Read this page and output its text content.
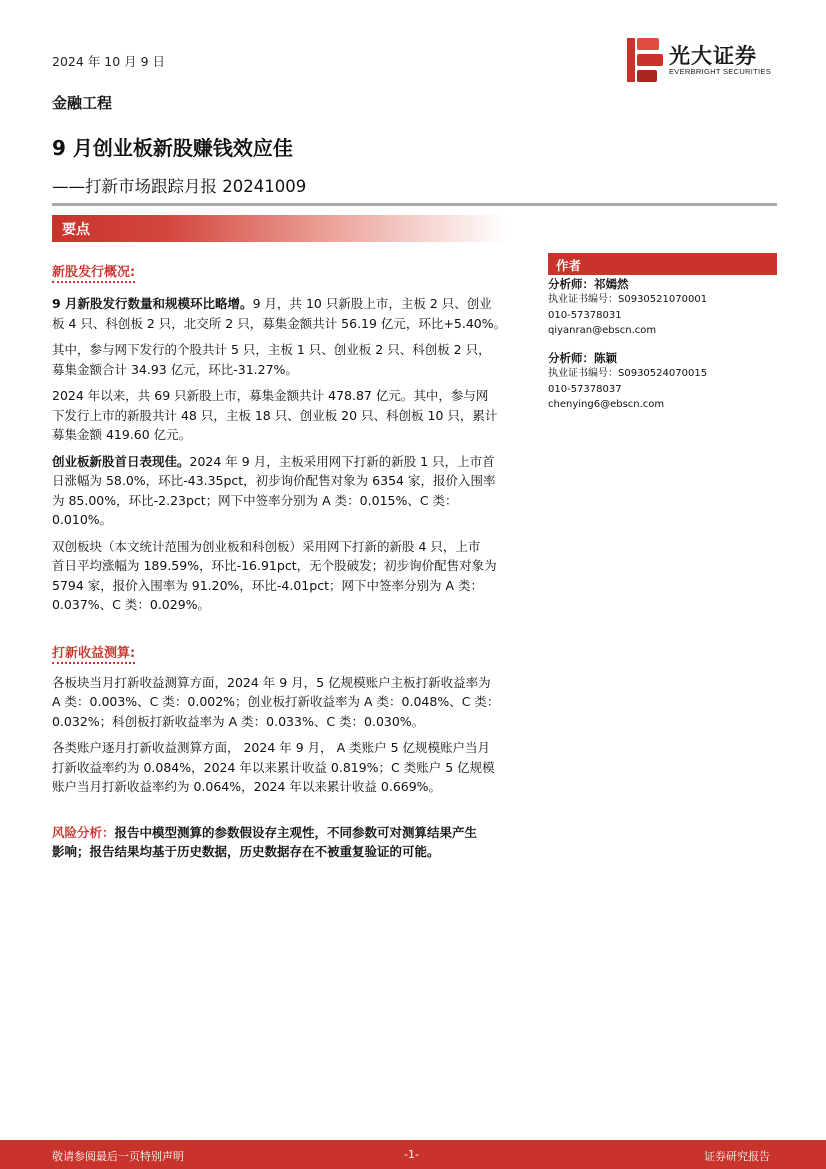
2024 年 10 月 9 日	光大证券
EVERBRIGHT SECURITIES
金融工程
9 月创业板新股赚钱效应佳
——打新市场跟踪月报 20241009
要点
新股发行概况:
9 月新股发行数量和规模环比略增。9 月，共 10 只新股上市，主板 2 只、创业
板 4 只、科创板 2 只，北交所 2 只，募集金额共计 56.19 亿元，环比+5.40%。
其中，参与网下发行的个股共计 5 只，主板 1 只、创业板 2 只、科创板 2 只，
募集金额合计 34.93 亿元，环比-31.27%。
2024 年以来，共 69 只新股上市，募集金额共计 478.87 亿元。其中，参与网
下发行上市的新股共计 48 只，主板 18 只、创业板 20 只、科创板 10 只，累计
募集金额 419.60 亿元。
创业板新股首日表现佳。2024 年 9 月，主板采用网下打新的新股 1 只，上市首
日涨幅为 58.0%，环比-43.35pct，初步询价配售对象为 6354 家，报价入围率
为 85.00%，环比-2.23pct；网下中签率分别为 A 类：0.015%、C 类：
0.010%。
双创板块（本文统计范围为创业板和科创板）采用网下打新的新股 4 只，上市
首日平均涨幅为 189.59%，环比-16.91pct，无个股破发；初步询价配售对象为
5794 家，报价入围率为 91.20%，环比-4.01pct；网下中签率分别为 A 类：
0.037%、C 类：0.029%。
打新收益测算:
各板块当月打新收益测算方面，2024 年 9 月，5 亿规模账户主板打新收益率为
A 类：0.003%、C 类：0.002%；创业板打新收益率为 A 类：0.048%、C 类：
0.032%；科创板打新收益率为 A 类：0.033%、C 类：0.030%。
各类账户逐月打新收益测算方面， 2024 年 9 月， A 类账户 5 亿规模账户当月
打新收益率约为 0.084%，2024 年以来累计收益 0.819%；C 类账户 5 亿规模
账户当月打新收益率约为 0.064%，2024 年以来累计收益 0.669%。
风险分析：报告中模型测算的参数假设存主观性，不同参数可对测算结果产生
影响；报告结果均基于历史数据，历史数据存在不被重复验证的可能。
作者
分析师：祁嫣然
执业证书编号：S0930521070001
010-57378031
qiyanran@ebscn.com
分析师：陈颖
执业证书编号：S0930524070015
010-57378037
chenying6@ebscn.com
敬请参阅最后一页特别声明	-1-	证券研究报告
